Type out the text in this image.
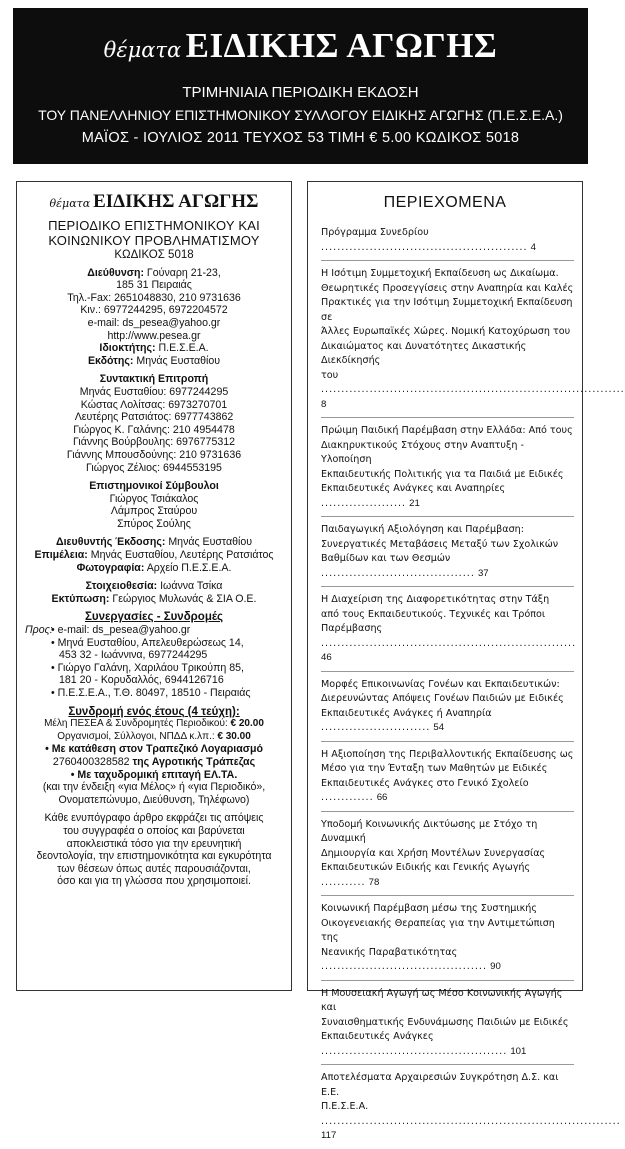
θέματα ΕΙΔΙΚΗΣ ΑΓΩΓΗΣ
ΤΡΙΜΗΝΙΑΙΑ ΠΕΡΙΟΔΙΚΗ ΕΚΔΟΣΗ
ΤΟΥ ΠΑΝΕΛΛΗΝΙΟΥ ΕΠΙΣΤΗΜΟΝΙΚΟΥ ΣΥΛΛΟΓΟΥ ΕΙΔΙΚΗΣ ΑΓΩΓΗΣ (Π.Ε.Σ.Ε.Α.)
ΜΑΪΟΣ - ΙΟΥΛΙΟΣ 2011 ΤΕΥΧΟΣ 53 ΤΙΜΗ € 5.00 ΚΩΔΙΚΟΣ 5018
θέματα ΕΙΔΙΚΗΣ ΑΓΩΓΗΣ

ΠΕΡΙΟΔΙΚΟ ΕΠΙΣΤΗΜΟΝΙΚΟΥ ΚΑΙ

ΚΟΙΝΩΝΙΚΟΥ ΠΡΟΒΛΗΜΑΤΙΣΜΟΥ

ΚΩΔΙΚΟΣ 5018

Διεύθυνση: Γούναρη 21-23,

185 31 Πειραιάς

Τηλ.-Fax: 2651048830, 210 9731636

Κιν.: 6977244295, 6972204572

e-mail: ds_pesea@yahoo.gr

http://www.pesea.gr

Ιδιοκτήτης: Π.Ε.Σ.Ε.Α.

Εκδότης: Μηνάς Ευσταθίου

Συντακτική Επιτροπή

Μηνάς Ευσταθίου: 6977244295

Κώστας Λολίτσας: 6973270701

Λευτέρης Ρατσιάτος: 6977743862

Γιώργος Κ. Γαλάνης: 210 4954478

Γιάννης Βούρβουλης: 6976775312

Γιάννης Μπουσδούνης: 210 9731636

Γιώργος Ζέλιος: 6944553195

Επιστημονικοί Σύμβουλοι

Γιώργος Τσιάκαλος

Λάμπρος Σταύρου

Σπύρος Σούλης

Διευθυντής Έκδοσης: Μηνάς Ευσταθίου

Επιμέλεια: Μηνάς Ευσταθίου, Λευτέρης Ρατσιάτος

Φωτογραφία: Αρχείο Π.Ε.Σ.Ε.Α.

Στοιχειοθεσία: Ιωάννα Τσίκα

Εκτύπωση: Γεώργιος Μυλωνάς & ΣΙΑ Ο.Ε.

Συνεργασίες - Συνδρομές

Προς:
• e-mail: ds_pesea@yahoo.gr
• Μηνά Ευσταθίου, Απελευθερώσεως 14,
453 32 - Ιωάννινα, 6977244295
• Γιώργο Γαλάνη, Χαριλάου Τρικούπη 85,
181 20 - Κορυδαλλός, 6944126716
• Π.Ε.Σ.Ε.Α., Τ.Θ. 80497, 18510 - Πειραιάς

Συνδρομή ενός έτους (4 τεύχη):

Μέλη ΠΕΣΕΑ & Συνδρομητές Περιοδικού: € 20.00

Οργανισμοί, Σύλλογοι, ΝΠΔΔ κ.λπ.: € 30.00

• Με κατάθεση στον Τραπεζικό Λογαριασμό

2760400328582 της Αγροτικής Τράπεζας

• Με ταχυδρομική επιταγή ΕΛ.ΤΑ.

(και την ένδειξη «για Μέλος» ή «για Περιοδικό»,

Ονοματεπώνυμο, Διεύθυνση, Τηλέφωνο)

Κάθε ενυπόγραφο άρθρο εκφράζει τις απόψεις

του συγγραφέα ο οποίος και βαρύνεται

αποκλειστικά τόσο για την ερευνητική

δεοντολογία, την επιστημονικότητα και εγκυρότητα

των θέσεων όπως αυτές παρουσιάζονται,

όσο και για τη γλώσσα που χρησιμοποιεί.

ΠΕΡΙΕΧΟΜΕΝΑ
Πρόγραμμα Συνεδρίου ................................................... 4
Η Ισότιμη Συμμετοχική Εκπαίδευση ως Δικαίωμα.
Θεωρητικές Προσεγγίσεις στην Αναπηρία και Καλές
Πρακτικές για την Ισότιμη Συμμετοχική Εκπαίδευση σε
Άλλες Ευρωπαϊκές Χώρες. Νομική Κατοχύρωση του
Δικαιώματος και Δυνατότητες Δικαστικής Διεκδίκησής
του ........................................................................... 8
Πρώιμη Παιδική Παρέμβαση στην Ελλάδα: Από τους
Διακηρυκτικούς Στόχους στην Αναπτυξη - Υλοποίηση
Εκπαιδευτικής Πολιτικής για τα Παιδιά με Ειδικές
Εκπαιδευτικές Ανάγκες και Αναπηρίες ..................... 21
Παιδαγωγική Αξιολόγηση και Παρέμβαση:
Συνεργατικές Μεταβάσεις Μεταξύ των Σχολικών
Βαθμίδων και των Θεσμών ...................................... 37
Η Διαχείριση της Διαφορετικότητας στην Τάξη
από τους Εκπαιδευτικούς. Τεχνικές και Τρόποι
Παρέμβασης ............................................................... 46
Μορφές Επικοινωνίας Γονέων και Εκπαιδευτικών:
Διερευνώντας Απόψεις Γονέων Παιδιών με Ειδικές
Εκπαιδευτικές Ανάγκες ή Αναπηρία ........................... 54
Η Αξιοποίηση της Περιβαλλοντικής Εκπαίδευσης ως
Μέσο για την Ένταξη των Μαθητών με Ειδικές
Εκπαιδευτικές Ανάγκες στο Γενικό Σχολείο ............. 66
Υποδομή Κοινωνικής Δικτύωσης με Στόχο τη Δυναμική
Δημιουργία και Χρήση Μοντέλων Συνεργασίας
Εκπαιδευτικών Ειδικής και Γενικής Αγωγής ........... 78
Κοινωνική Παρέμβαση μέσω της Συστημικής
Οικογενειακής Θεραπείας για την Αντιμετώπιση της
Νεανικής Παραβατικότητας ......................................... 90
Η Μουσειακή Αγωγή ως Μέσο Κοινωνικής Αγωγής και
Συναισθηματικής Ενδυνάμωσης Παιδιών με Ειδικές
Εκπαιδευτικές Ανάγκες .............................................. 101
Αποτελέσματα Αρχαιρεσιών Συγκρότηση Δ.Σ. και Ε.Ε.
Π.Ε.Σ.Ε.Α. .......................................................................... 117
